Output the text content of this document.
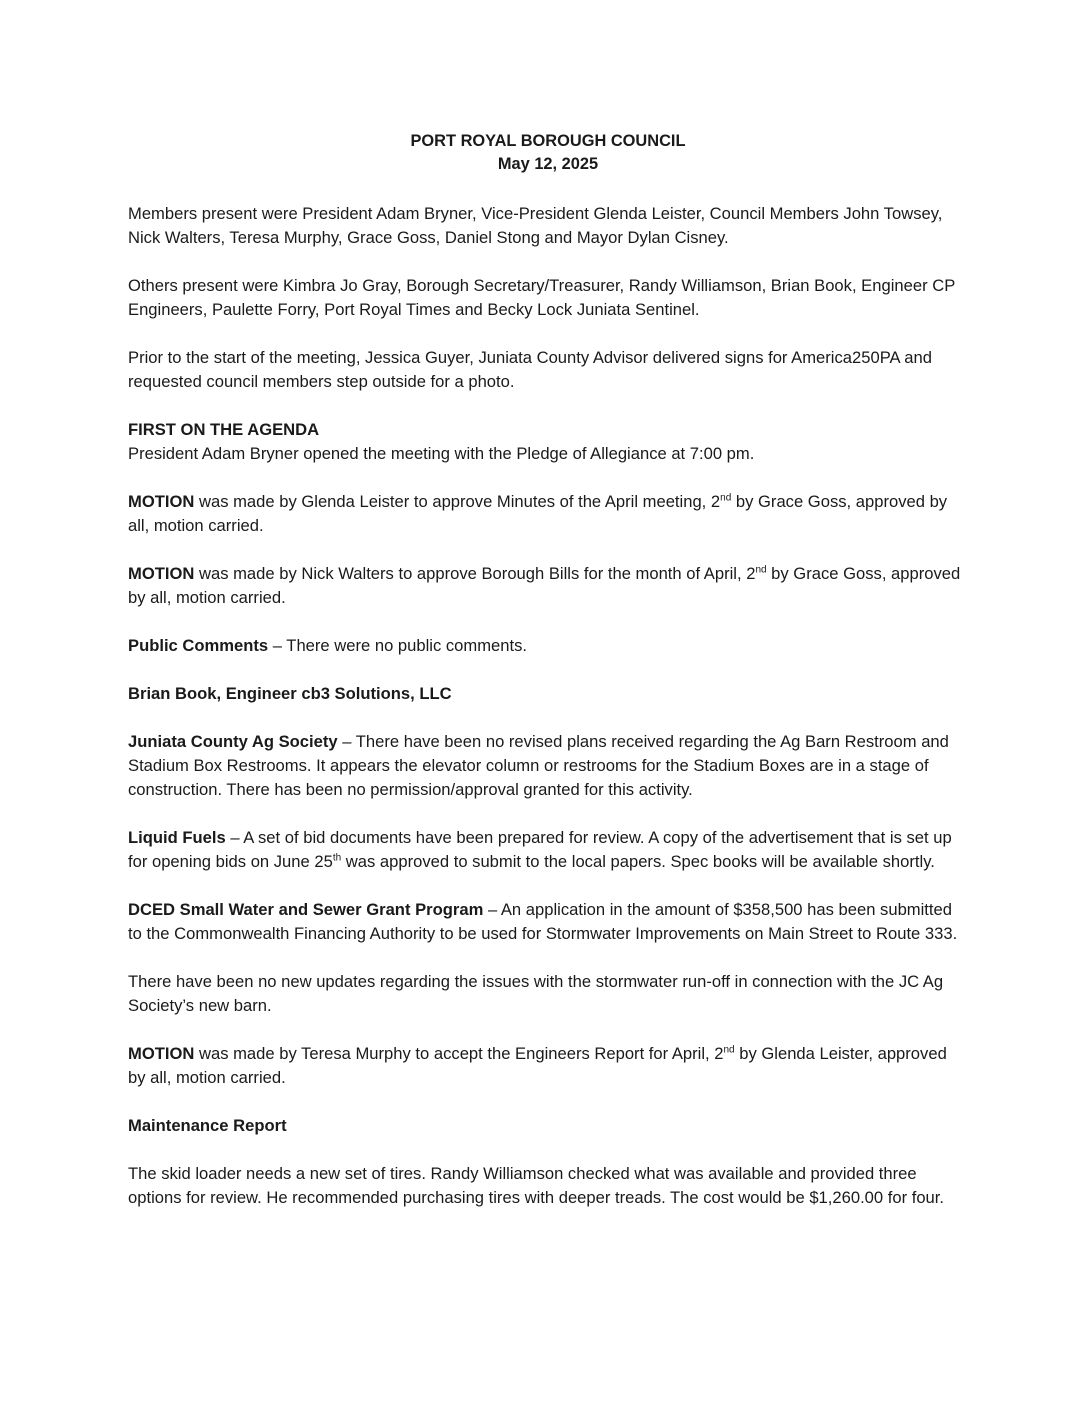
PORT ROYAL BOROUGH COUNCIL
May 12, 2025

Members present were President Adam Bryner, Vice-President Glenda Leister, Council Members John Towsey, Nick Walters, Teresa Murphy, Grace Goss, Daniel Stong and Mayor Dylan Cisney.

Others present were Kimbra Jo Gray, Borough Secretary/Treasurer, Randy Williamson, Brian Book, Engineer CP Engineers, Paulette Forry, Port Royal Times and Becky Lock Juniata Sentinel.

Prior to the start of the meeting, Jessica Guyer, Juniata County Advisor delivered signs for America250PA and requested council members step outside for a photo.

FIRST ON THE AGENDA
President Adam Bryner opened the meeting with the Pledge of Allegiance at 7:00 pm.

MOTION was made by Glenda Leister to approve Minutes of the April meeting, 2nd by Grace Goss, approved by all, motion carried.

MOTION was made by Nick Walters to approve Borough Bills for the month of April, 2nd by Grace Goss, approved by all, motion carried.

Public Comments – There were no public comments.

Brian Book, Engineer cb3 Solutions, LLC

Juniata County Ag Society – There have been no revised plans received regarding the Ag Barn Restroom and Stadium Box Restrooms. It appears the elevator column or restrooms for the Stadium Boxes are in a stage of construction. There has been no permission/approval granted for this activity.

Liquid Fuels – A set of bid documents have been prepared for review. A copy of the advertisement that is set up for opening bids on June 25th was approved to submit to the local papers. Spec books will be available shortly.

DCED Small Water and Sewer Grant Program – An application in the amount of $358,500 has been submitted to the Commonwealth Financing Authority to be used for Stormwater Improvements on Main Street to Route 333.

There have been no new updates regarding the issues with the stormwater run-off in connection with the JC Ag Society’s new barn.

MOTION was made by Teresa Murphy to accept the Engineers Report for April, 2nd by Glenda Leister, approved by all, motion carried.

Maintenance Report

The skid loader needs a new set of tires. Randy Williamson checked what was available and provided three options for review. He recommended purchasing tires with deeper treads. The cost would be $1,260.00 for four.
